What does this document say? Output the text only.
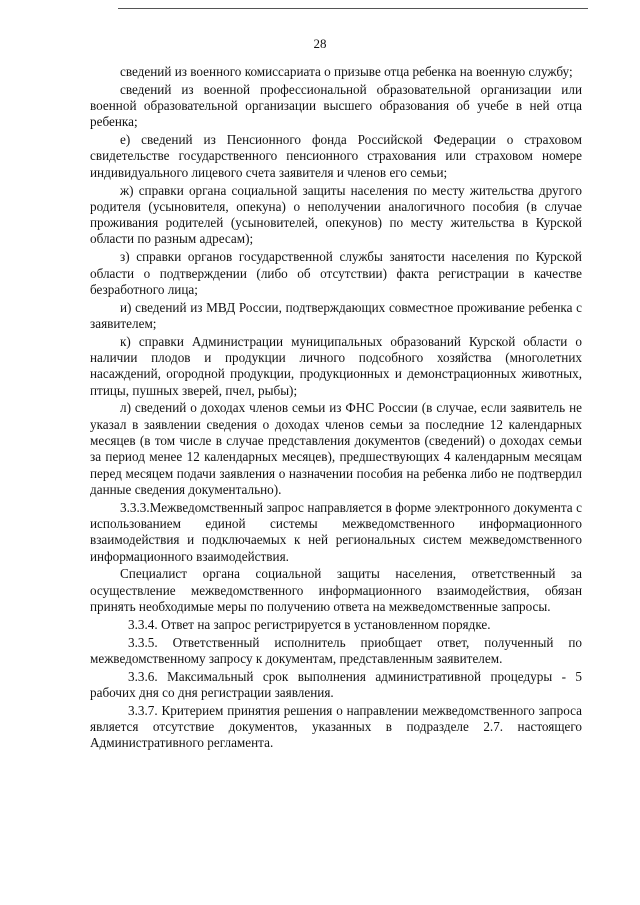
28

сведений из военного комиссариата о призыве отца ребенка на военную службу;

сведений из военной профессиональной образовательной организации или военной образовательной организации высшего образования об учебе в ней отца ребенка;

е) сведений из Пенсионного фонда Российской Федерации о страховом свидетельстве государственного пенсионного страхования или страховом номере индивидуального лицевого счета заявителя и членов его семьи;

ж) справки органа социальной защиты населения по месту жительства другого родителя (усыновителя, опекуна) о неполучении аналогичного пособия (в случае проживания родителей (усыновителей, опекунов) по месту жительства в Курской области по разным адресам);

з) справки органов государственной службы занятости населения по Курской области о подтверждении (либо об отсутствии) факта регистрации в качестве безработного лица;

и) сведений из МВД России, подтверждающих совместное проживание ребенка с заявителем;

к) справки Администрации муниципальных образований Курской области о наличии плодов и продукции личного подсобного хозяйства (многолетних насаждений, огородной продукции, продукционных и демонстрационных животных, птицы, пушных зверей, пчел, рыбы);

л) сведений о доходах членов семьи из ФНС России (в случае, если заявитель не указал в заявлении сведения о доходах членов семьи за последние 12 календарных месяцев (в том числе в случае представления документов (сведений) о доходах семьи за период менее 12 календарных месяцев), предшествующих 4 календарным месяцам перед месяцем подачи заявления о назначении пособия на ребенка либо не подтвердил данные сведения документально).

3.3.3.Межведомственный запрос направляется в форме электронного документа с использованием единой системы межведомственного информационного взаимодействия и подключаемых к ней региональных систем межведомственного информационного взаимодействия.

Специалист органа социальной защиты населения, ответственный за осуществление межведомственного информационного взаимодействия, обязан принять необходимые меры по получению ответа на межведомственные запросы.

3.3.4. Ответ на запрос регистрируется в установленном порядке.

3.3.5. Ответственный исполнитель приобщает ответ, полученный по межведомственному запросу к документам, представленным заявителем.

3.3.6. Максимальный срок выполнения административной процедуры - 5 рабочих дня со дня регистрации заявления.

3.3.7. Критерием принятия решения о направлении межведомственного запроса является отсутствие документов, указанных в подразделе 2.7. настоящего Административного регламента.
